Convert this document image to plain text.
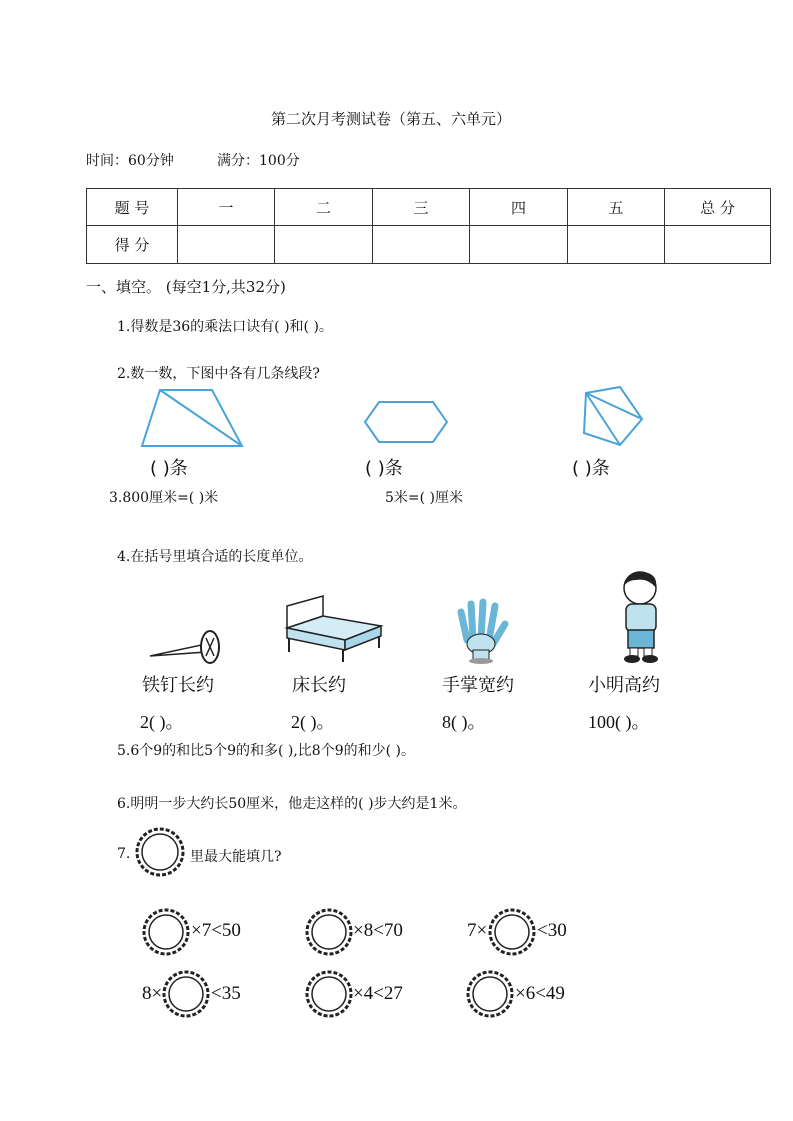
第二次月考测试卷（第五、六单元）
时间：60分钟	满分：100分
题 号	一	二	三	四	五	总 分
得 分						
一、填空。 (每空1分,共32分)
1.得数是36的乘法口诀有( )和( )。
2.数一数，下图中各有几条线段?
( )条	( )条	( )条
3.800厘米=( )米	5米=( )厘米
4.在括号里填合适的长度单位。
铁钉长约	床长约	手掌宽约	小明高约
2( )。	2( )。	8( )。	100( )。
5.6个9的和比5个9的和多( ),比8个9的和少( )。
6.明明一步大约长50厘米，他走这样的( )步大约是1米。
7.	里最大能填几?
×7<50	×8<70	7×	<30
8×	<35	×4<27	×6<49
